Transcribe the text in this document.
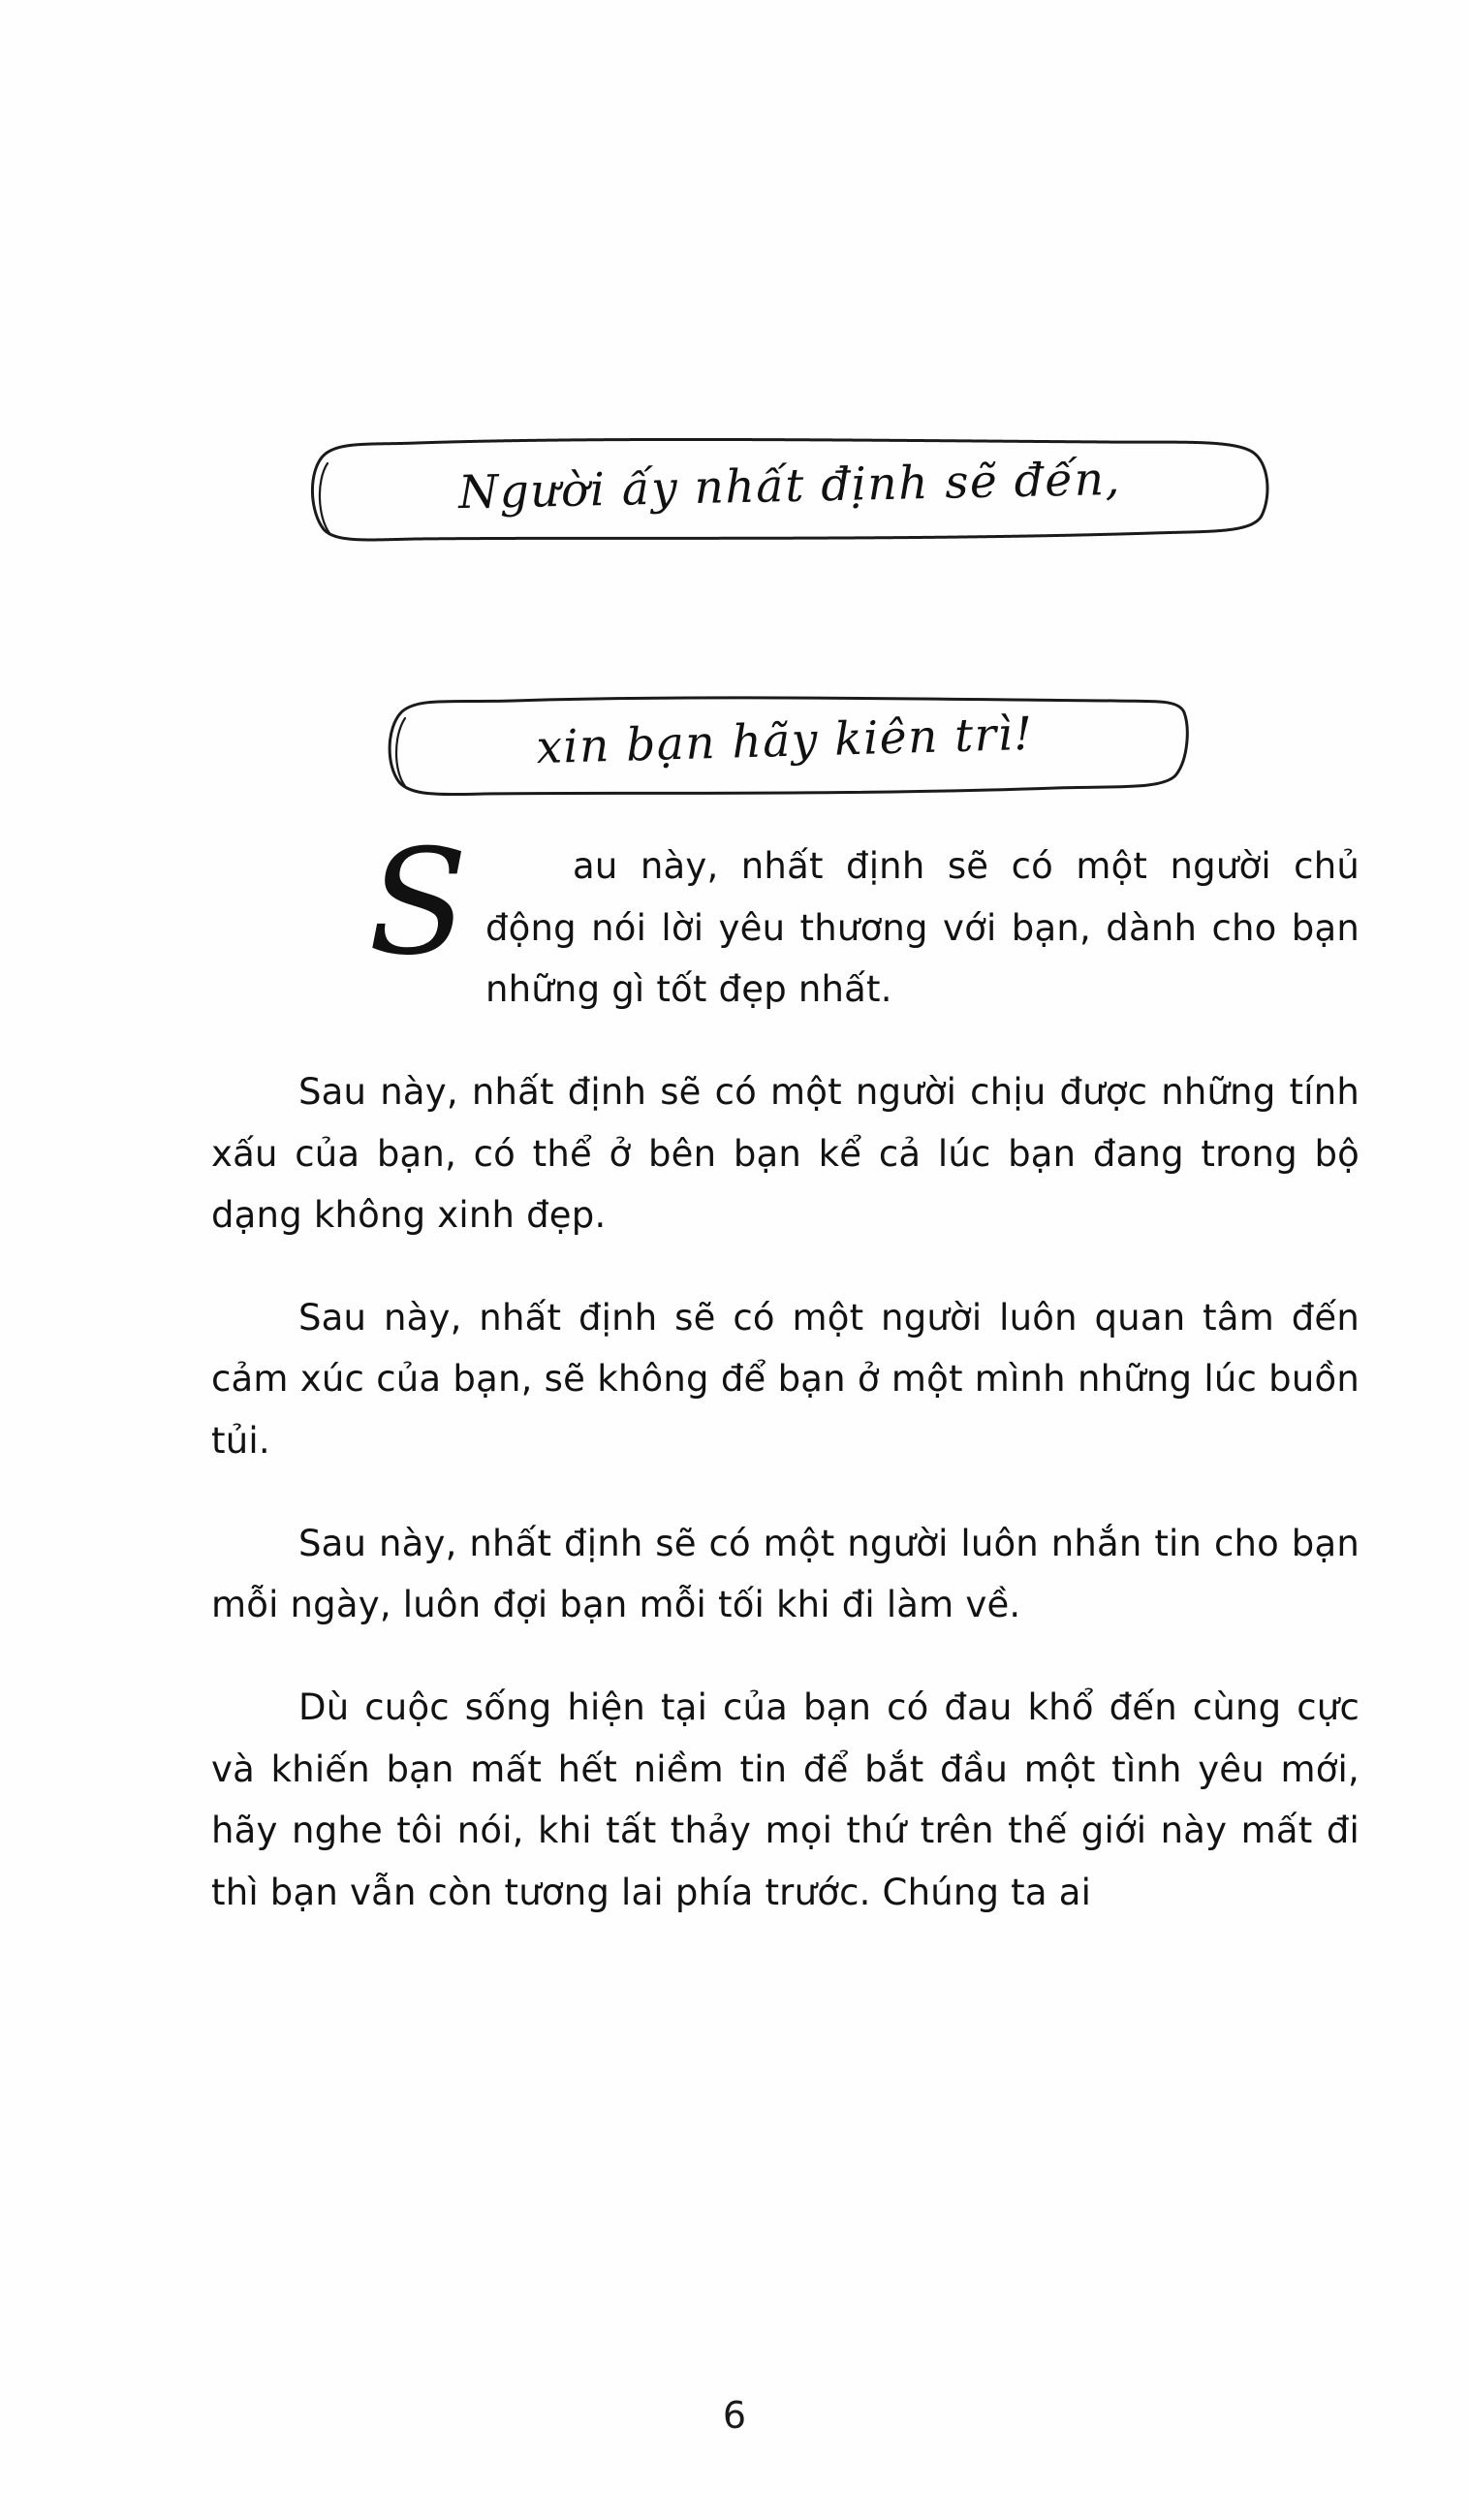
Người ấy nhất định sẽ đến,
xin bạn hãy kiên trì!

S	au này, nhất định sẽ có một người chủ động nói lời yêu thương với bạn, dành cho bạn những gì tốt đẹp nhất.

Sau này, nhất định sẽ có một người chịu được những tính xấu của bạn, có thể ở bên bạn kể cả lúc bạn đang trong bộ dạng không xinh đẹp.

Sau này, nhất định sẽ có một người luôn quan tâm đến cảm xúc của bạn, sẽ không để bạn ở một mình những lúc buồn tủi.

Sau này, nhất định sẽ có một người luôn nhắn tin cho bạn mỗi ngày, luôn đợi bạn mỗi tối khi đi làm về.

Dù cuộc sống hiện tại của bạn có đau khổ đến cùng cực và khiến bạn mất hết niềm tin để bắt đầu một tình yêu mới, hãy nghe tôi nói, khi tất thảy mọi thứ trên thế giới này mất đi thì bạn vẫn còn tương lai phía trước. Chúng ta ai

6
